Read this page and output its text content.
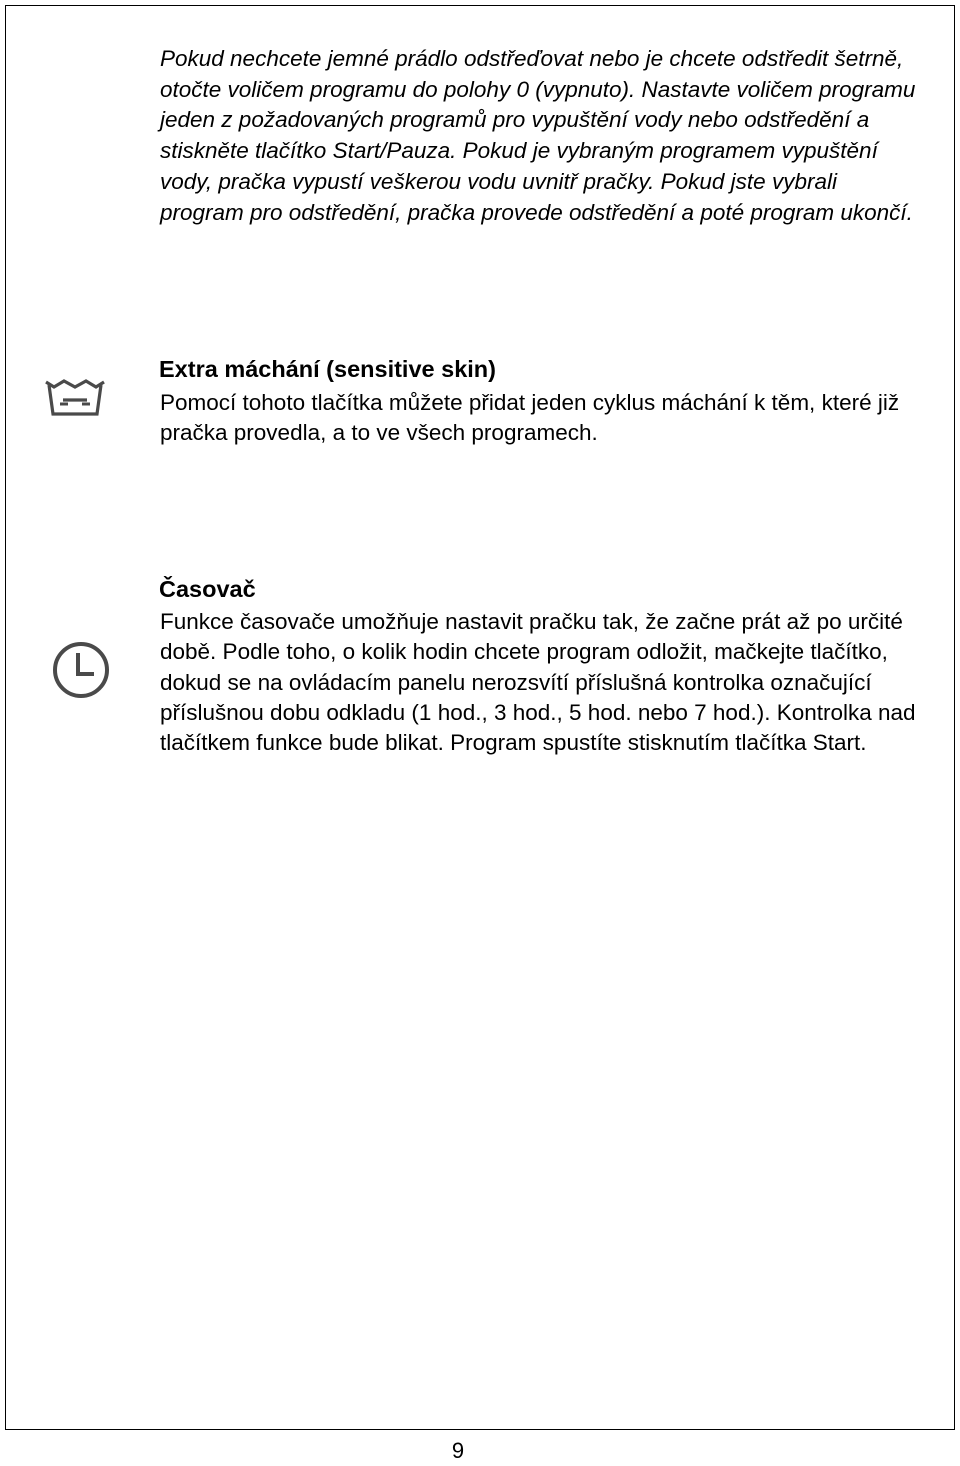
Pokud nechcete jemné prádlo odstřeďovat nebo je chcete odstředit šetrně, otočte voličem programu do polohy 0 (vypnuto). Nastavte voličem programu jeden z požadovaných programů pro vypuštění vody nebo odstředění a stiskněte tlačítko Start/Pauza. Pokud je vybraným programem vypuštění vody, pračka vypustí veškerou vodu uvnitř pračky. Pokud jste vybrali program pro odstředění, pračka provede odstředění a poté program ukončí.

Extra máchání (sensitive skin)

Pomocí tohoto tlačítka můžete přidat jeden cyklus máchání k těm, které již pračka provedla, a to ve všech programech.

Časovač

Funkce časovače umožňuje nastavit pračku tak, že začne prát až po určité době. Podle toho, o kolik hodin chcete program odložit, mačkejte tlačítko, dokud se na ovládacím panelu nerozsvítí příslušná kontrolka označující příslušnou dobu odkladu (1 hod., 3 hod., 5 hod. nebo 7 hod.). Kontrolka nad tlačítkem funkce bude blikat. Program spustíte stisknutím tlačítka Start.

9
